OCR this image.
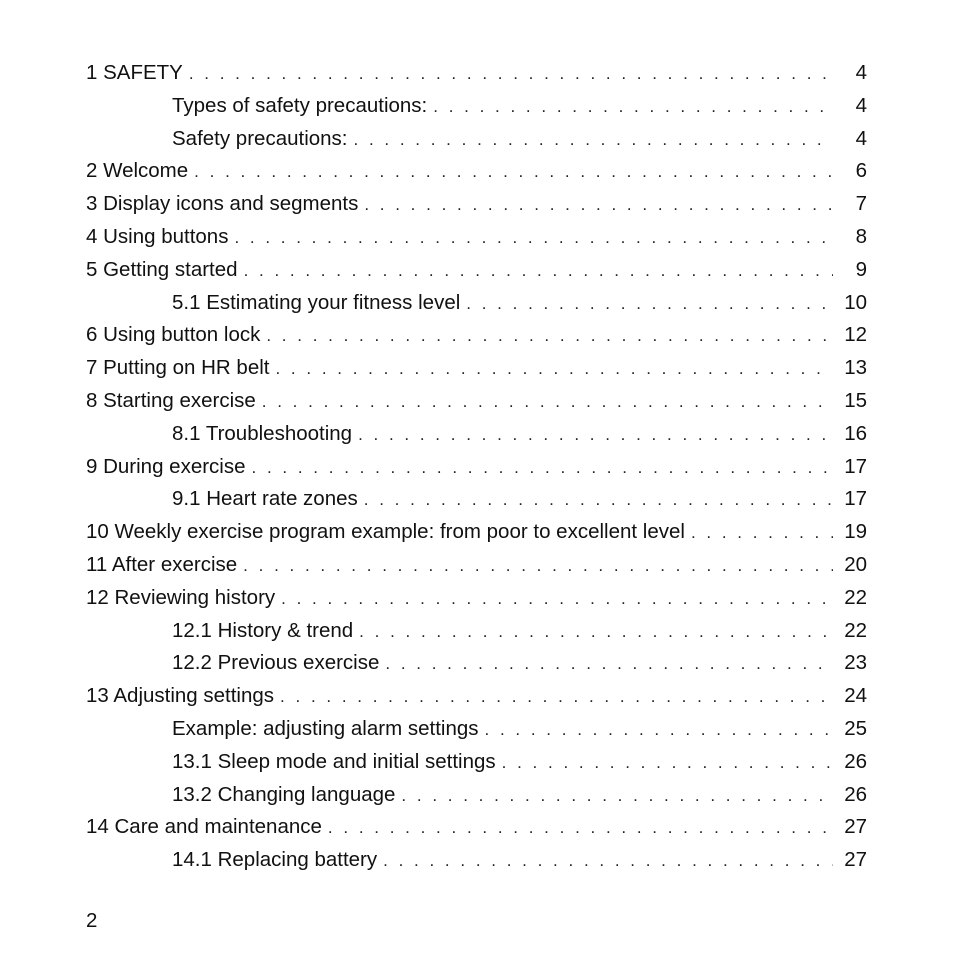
1 SAFETY . . .	4
Types of safety precautions: . . .	4
Safety precautions: . . .	4
2 Welcome . . .	6
3 Display icons and segments . . .	7
4 Using buttons . . .	8
5 Getting started . . .	9
5.1 Estimating your fitness level . . .	10
6 Using button lock . . .	12
7 Putting on HR belt . . .	13
8 Starting exercise . . .	15
8.1 Troubleshooting . . .	16
9 During exercise . . .	17
9.1 Heart rate zones . . .	17
10 Weekly exercise program example: from poor to excellent level . . .	19
11 After exercise . . .	20
12 Reviewing history . . .	22
12.1 History & trend . . .	22
12.2 Previous exercise . . .	23
13 Adjusting settings . . .	24
Example: adjusting alarm settings . . .	25
13.1 Sleep mode and initial settings . . .	26
13.2 Changing language . . .	26
14 Care and maintenance . . .	27
14.1 Replacing battery . . .	27
2
